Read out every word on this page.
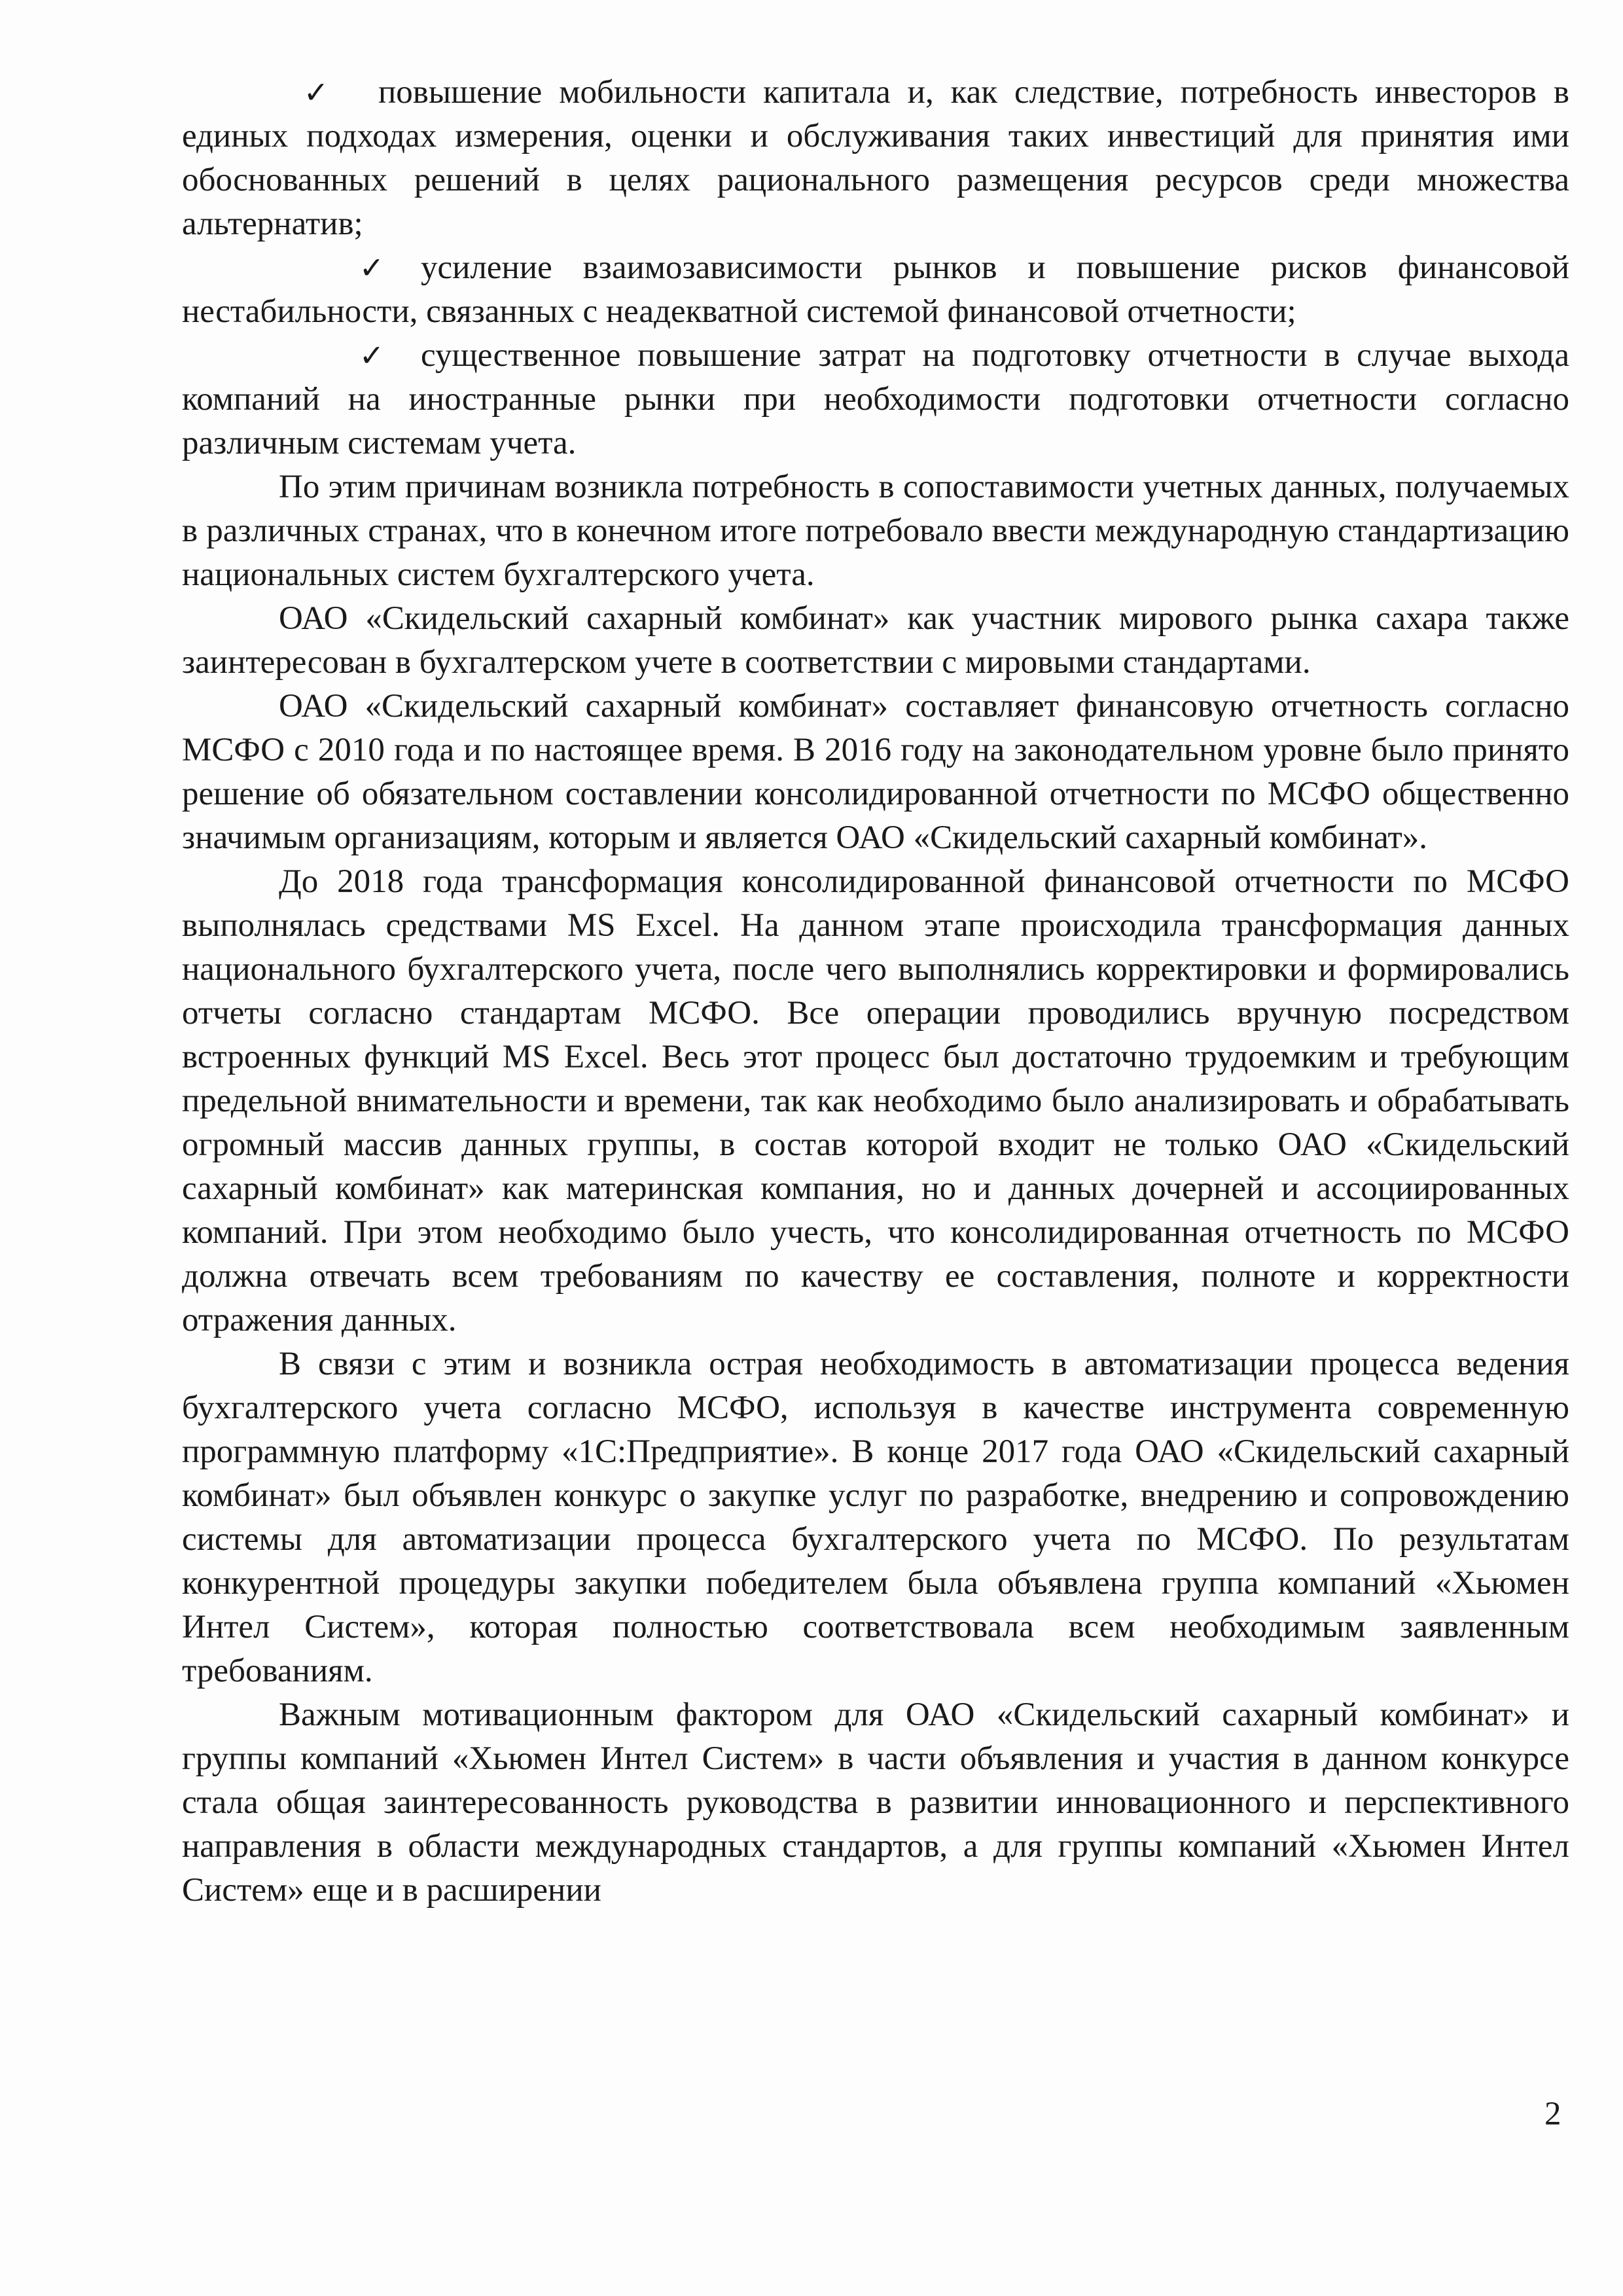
✓ повышение мобильности капитала и, как следствие, потребность инвесторов в единых подходах измерения, оценки и обслуживания таких инвестиций для принятия ими обоснованных решений в целях рационального размещения ресурсов среди множества альтернатив;

✓ усиление взаимозависимости рынков и повышение рисков финансовой нестабильности, связанных с неадекватной системой финансовой отчетности;

✓ существенное повышение затрат на подготовку отчетности в случае выхода компаний на иностранные рынки при необходимости подготовки отчетности согласно различным системам учета.

По этим причинам возникла потребность в сопоставимости учетных данных, получаемых в различных странах, что в конечном итоге потребовало ввести международную стандартизацию национальных систем бухгалтерского учета.

ОАО «Скидельский сахарный комбинат» как участник мирового рынка сахара также заинтересован в бухгалтерском учете в соответствии с мировыми стандартами.

ОАО «Скидельский сахарный комбинат» составляет финансовую отчетность согласно МСФО с 2010 года и по настоящее время. В 2016 году на законодательном уровне было принято решение об обязательном составлении консолидированной отчетности по МСФО общественно значимым организациям, которым и является ОАО «Скидельский сахарный комбинат».

До 2018 года трансформация консолидированной финансовой отчетности по МСФО выполнялась средствами MS Excel. На данном этапе происходила трансформация данных национального бухгалтерского учета, после чего выполнялись корректировки и формировались отчеты согласно стандартам МСФО. Все операции проводились вручную посредством встроенных функций MS Excel. Весь этот процесс был достаточно трудоемким и требующим предельной внимательности и времени, так как необходимо было анализировать и обрабатывать огромный массив данных группы, в состав которой входит не только ОАО «Скидельский сахарный комбинат» как материнская компания, но и данных дочерней и ассоциированных компаний. При этом необходимо было учесть, что консолидированная отчетность по МСФО должна отвечать всем требованиям по качеству ее составления, полноте и корректности отражения данных.

В связи с этим и возникла острая необходимость в автоматизации процесса ведения бухгалтерского учета согласно МСФО, используя в качестве инструмента современную программную платформу «1С:Предприятие». В конце 2017 года ОАО «Скидельский сахарный комбинат» был объявлен конкурс о закупке услуг по разработке, внедрению и сопровождению системы для автоматизации процесса бухгалтерского учета по МСФО. По результатам конкурентной процедуры закупки победителем была объявлена группа компаний «Хьюмен Интел Систем», которая полностью соответствовала всем необходимым заявленным требованиям.

Важным мотивационным фактором для ОАО «Скидельский сахарный комбинат» и группы компаний «Хьюмен Интел Систем» в части объявления и участия в данном конкурсе стала общая заинтересованность руководства в развитии инновационного и перспективного направления в области международных стандартов, а для группы компаний «Хьюмен Интел Систем» еще и в расширении

2
